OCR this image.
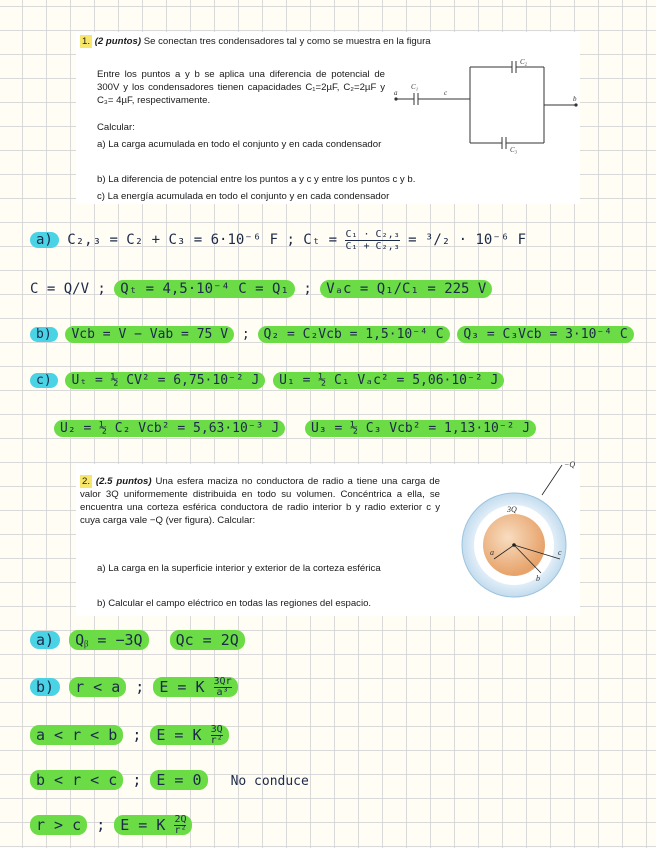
1. (2 puntos) Se conectan tres condensadores tal y como se muestra en la figura
Entre los puntos a y b se aplica una diferencia de potencial de 300V y los condensadores tienen capacidades C₁=2µF, C₂=2µF y C₃= 4µF, respectivamente.
Calcular:
a) La carga acumulada en todo el conjunto y en cada condensador
b) La diferencia de potencial entre los puntos a y c y entre los puntos c y b.
c) La energía acumulada en todo el conjunto y en cada condensador
a
b
c
C₁
C₂
C₃
a) C₂,₃ = C₂ + C₃ = 6·10⁻⁶ F ; $C_t = \frac{\text{C₁ · C₂,₃}}{\text{C₁ + C₂,₃}} = ^3/_2 \cdot 10^{-6}$ F
C = Q/V ; Qₜ = 4,5·10⁻⁴ C = Q₁ ; Vₐc = Q₁/C₁ = 225 V
b) Vcb = V − Vab = 75 V ; Q₂ = C₂Vcb = 1,5·10⁻⁴ C Q₃ = C₃Vcb = 3·10⁻⁴ C
c) Uₜ = ½ CV² = 6,75·10⁻² J U₁ = ½ C₁ Vₐc² = 5,06·10⁻² J
U₂ = ½ C₂ Vcb² = 5,63·10⁻³ J U₃ = ½ C₃ Vcb² = 1,13·10⁻² J
2. (2.5 puntos) Una esfera maciza no conductora de radio a tiene una carga de valor 3Q uniformemente distribuida en todo su volumen. Concéntrica a ella, se encuentra una corteza esférica conductora de radio interior b y radio exterior c y cuya carga vale −Q (ver figura). Calcular:
a) La carga en la superficie interior y exterior de la corteza esférica
b) Calcular el campo eléctrico en todas las regiones del espacio.
−Q
3Q
a
b
c
a) Qᵦ = −3Q Qc = 2Q
b) r < a ; E = K $\frac{3Qr}{\text{a³}}$
a < r < b ; E = K $\frac{3Q}{\text{r²}}$
b < r < c ; E = 0 No conduce
r > c ; E = K $\frac{2Q}{\text{r²}}$
